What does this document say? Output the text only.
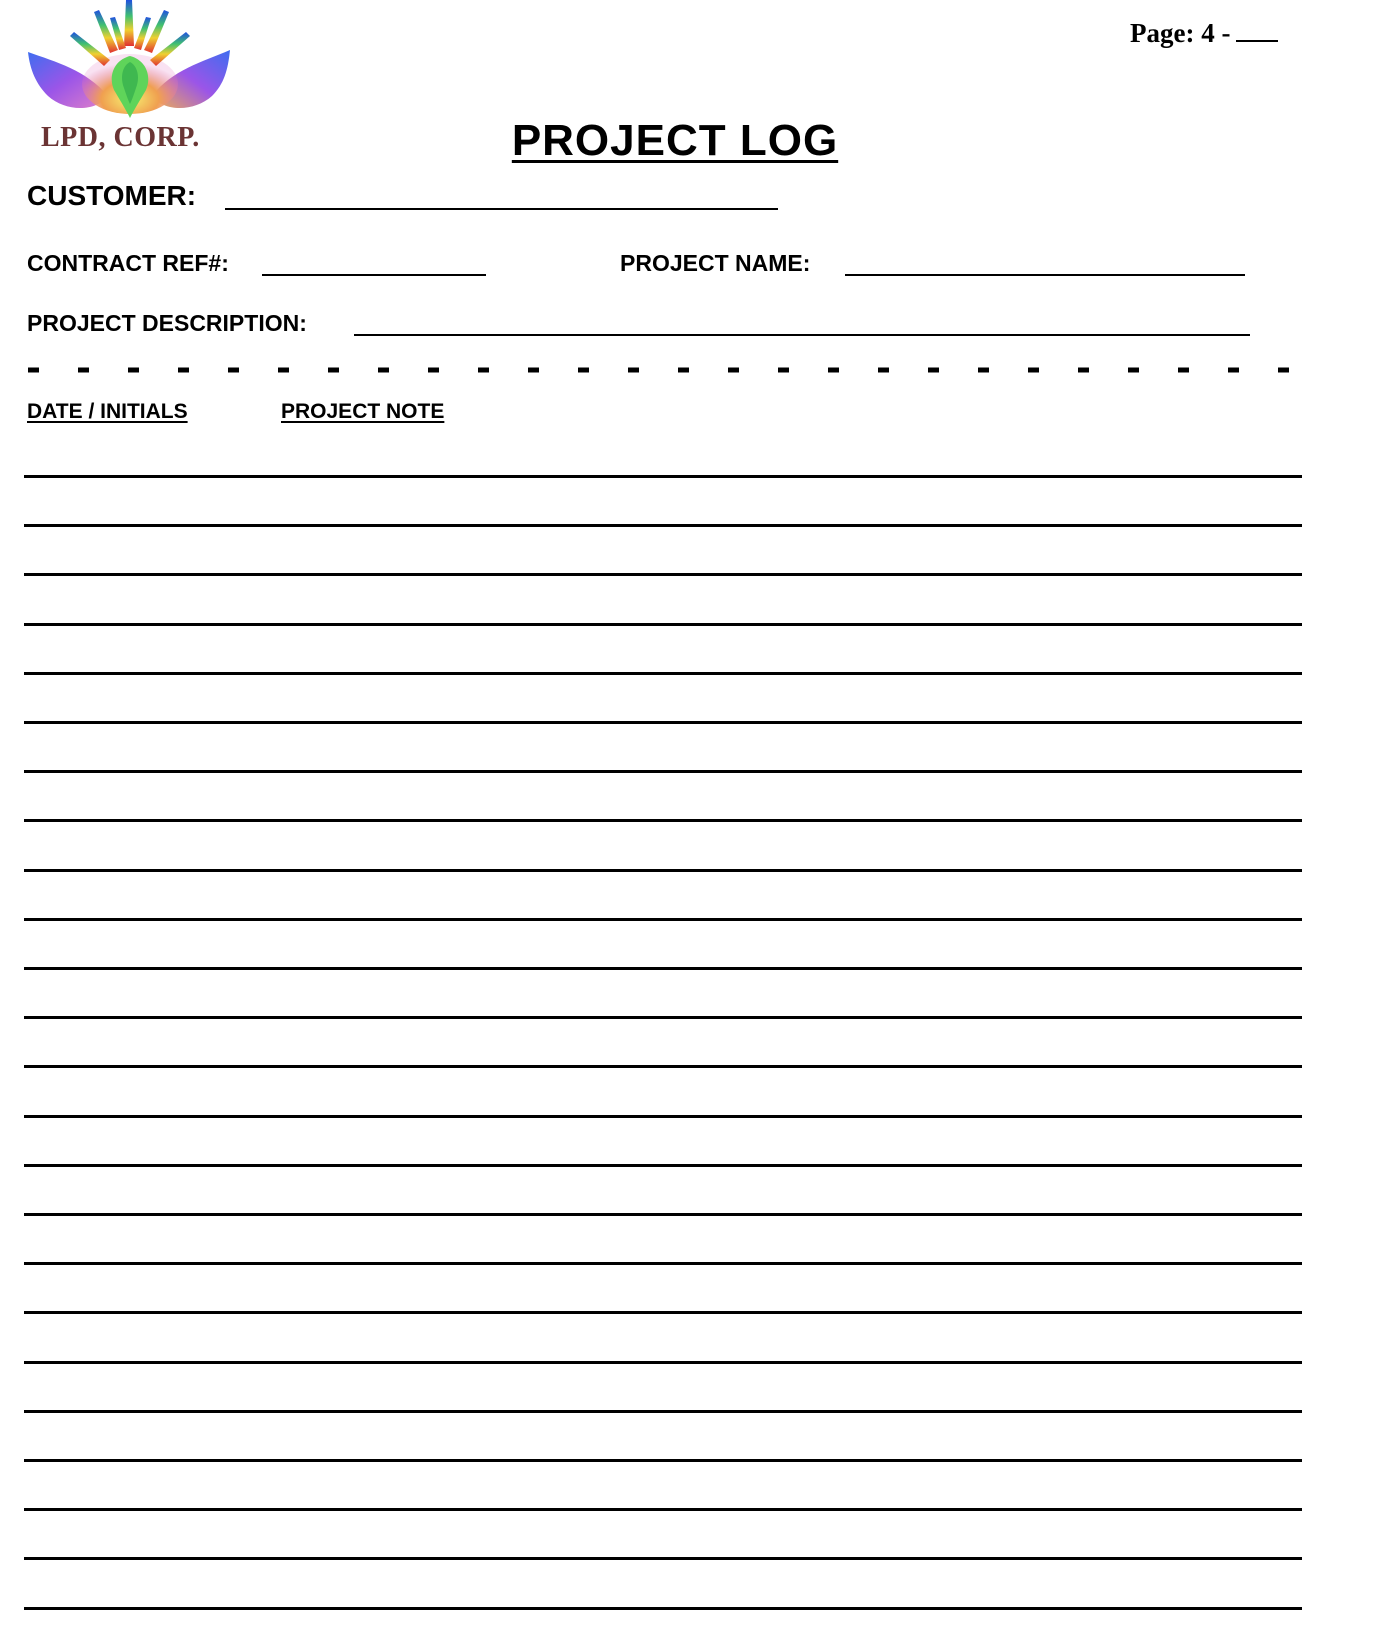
LPD, CORP.
Page: 4 -
PROJECT LOG
CUSTOMER:
CONTRACT REF#:	PROJECT NAME:
PROJECT DESCRIPTION:
DATE / INITIALS	PROJECT NOTE
